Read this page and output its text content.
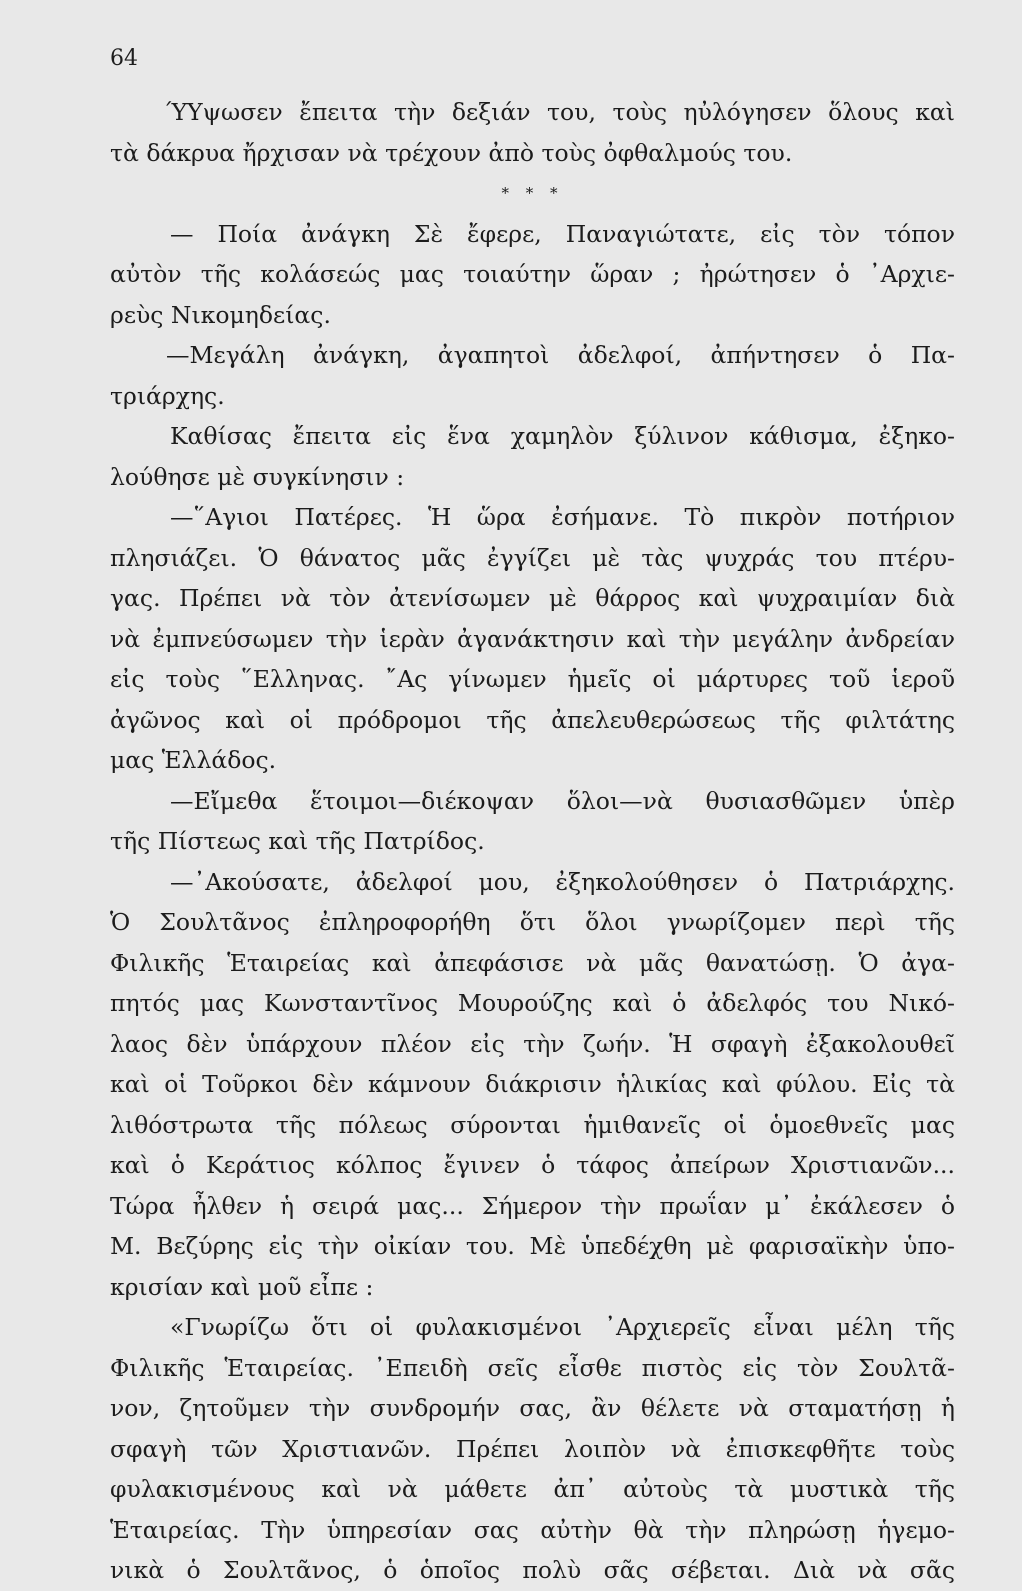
64
ΎΥψωσεν ἔπειτα τὴν δεξιάν του, τοὺς ηὐλόγησεν ὅλους καὶ
τὰ δάκρυα ἤρχισαν νὰ τρέχουν ἀπὸ τοὺς ὀφθαλμούς του.
* * *
— Ποία ἀνάγκη Σὲ ἔφερε, Παναγιώτατε, εἰς τὸν τόπον
αὐτὸν τῆς κολάσεώς μας τοιαύτην ὥραν ; ἠρώτησεν ὁ ᾿Αρχιε-
ρεὺς Νικομηδείας.
—Μεγάλη ἀνάγκη, ἀγαπητοὶ ἀδελφοί, ἀπήντησεν ὁ Πα-
τριάρχης.
Καθίσας ἔπειτα εἰς ἕνα χαμηλὸν ξύλινον κάθισμα, ἐξηκο-
λούθησε μὲ συγκίνησιν :
—῞Αγιοι Πατέρες. Ἡ ὥρα ἐσήμανε. Τὸ πικρὸν ποτήριον
πλησιάζει. Ὁ θάνατος μᾶς ἐγγίζει μὲ τὰς ψυχράς του πτέρυ-
γας. Πρέπει νὰ τὸν ἀτενίσωμεν μὲ θάρρος καὶ ψυχραιμίαν διὰ
νὰ ἐμπνεύσωμεν τὴν ἱερὰν ἀγανάκτησιν καὶ τὴν μεγάλην ἀνδρείαν
εἰς τοὺς ῞Ελληνας. ῎Ας γίνωμεν ἡμεῖς οἱ μάρτυρες τοῦ ἱεροῦ
ἀγῶνος καὶ οἱ πρόδρομοι τῆς ἀπελευθερώσεως τῆς φιλτάτης
μας Ἑλλάδος.
—Εἴμεθα ἕτοιμοι—διέκοψαν ὅλοι—νὰ θυσιασθῶμεν ὑπὲρ
τῆς Πίστεως καὶ τῆς Πατρίδος.
—᾿Ακούσατε, ἀδελφοί μου, ἐξηκολούθησεν ὁ Πατριάρχης.
Ὁ Σουλτᾶνος ἐπληροφορήθη ὅτι ὅλοι γνωρίζομεν περὶ τῆς
Φιλικῆς Ἑταιρείας καὶ ἀπεφάσισε νὰ μᾶς θανατώσῃ. Ὁ ἀγα-
πητός μας Κωνσταντῖνος Μουρούζης καὶ ὁ ἀδελφός του Νικό-
λαος δὲν ὑπάρχουν πλέον εἰς τὴν ζωήν. Ἡ σφαγὴ ἐξακολουθεῖ
καὶ οἱ Τοῦρκοι δὲν κάμνουν διάκρισιν ἡλικίας καὶ φύλου. Εἰς τὰ
λιθόστρωτα τῆς πόλεως σύρονται ἡμιθανεῖς οἱ ὁμοεθνεῖς μας
καὶ ὁ Κεράτιος κόλπος ἔγινεν ὁ τάφος ἀπείρων Χριστιανῶν...
Τώρα ἦλθεν ἡ σειρά μας... Σήμερον τὴν πρωΐαν μ᾿ ἐκάλεσεν ὁ
Μ. Βεζύρης εἰς τὴν οἰκίαν του. Μὲ ὑπεδέχθη μὲ φαρισαϊκὴν ὑπο-
κρισίαν καὶ μοῦ εἶπε :
«Γνωρίζω ὅτι οἱ φυλακισμένοι ᾿Αρχιερεῖς εἶναι μέλη τῆς
Φιλικῆς Ἑταιρείας. ᾿Επειδὴ σεῖς εἶσθε πιστὸς εἰς τὸν Σουλτᾶ-
νον, ζητοῦμεν τὴν συνδρομήν σας, ἂν θέλετε νὰ σταματήσῃ ἡ
σφαγὴ τῶν Χριστιανῶν. Πρέπει λοιπὸν νὰ ἐπισκεφθῆτε τοὺς
φυλακισμένους καὶ νὰ μάθετε ἀπ᾿ αὐτοὺς τὰ μυστικὰ τῆς
Ἑταιρείας. Τὴν ὑπηρεσίαν σας αὐτὴν θὰ τὴν πληρώσῃ ἡγεμο-
νικὰ ὁ Σουλτᾶνος, ὁ ὁποῖος πολὺ σᾶς σέβεται. Διὰ νὰ σᾶς
